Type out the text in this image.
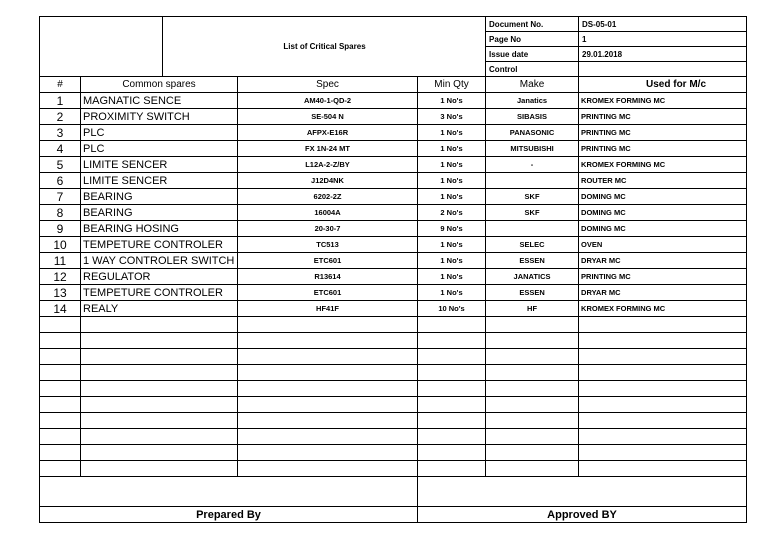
		List of Critical Spares			Document No.	DS-05-01
					Page No	1
					Issue date	29.01.2018
					Control	
#	Common spares		Spec	Min Qty	Make	Used for M/c
1	MAGNATIC SENCE		AM40-1-QD-2	1 No's	Janatics	KROMEX FORMING MC
2	PROXIMITY SWITCH		SE-504 N	3 No's	SIBASIS	PRINTING MC
3	PLC		AFPX-E16R	1 No's	PANASONIC	PRINTING MC
4	PLC		FX 1N-24 MT	1 No's	MITSUBISHI	PRINTING MC
5	LIMITE SENCER		L12A-2-Z/BY	1 No's	-	KROMEX FORMING MC
6	LIMITE SENCER		J12D4NK	1 No's		ROUTER MC
7	BEARING		6202-2Z	1 No's	SKF	DOMING MC
8	BEARING		16004A	2 No's	SKF	DOMING MC
9	BEARING HOSING		20-30-7	9 No's		DOMING MC
10	TEMPETURE CONTROLER		TC513	1 No's	SELEC	OVEN
11	1 WAY CONTROLER SWITCH		ETC601	1 No's	ESSEN	DRYAR MC
12	REGULATOR		R13614	1 No's	JANATICS	PRINTING MC
13	TEMPETURE CONTROLER		ETC601	1 No's	ESSEN	DRYAR MC
14	REALY		HF41F	10 No's	HF	KROMEX FORMING MC

Prepared By				Approved BY		
